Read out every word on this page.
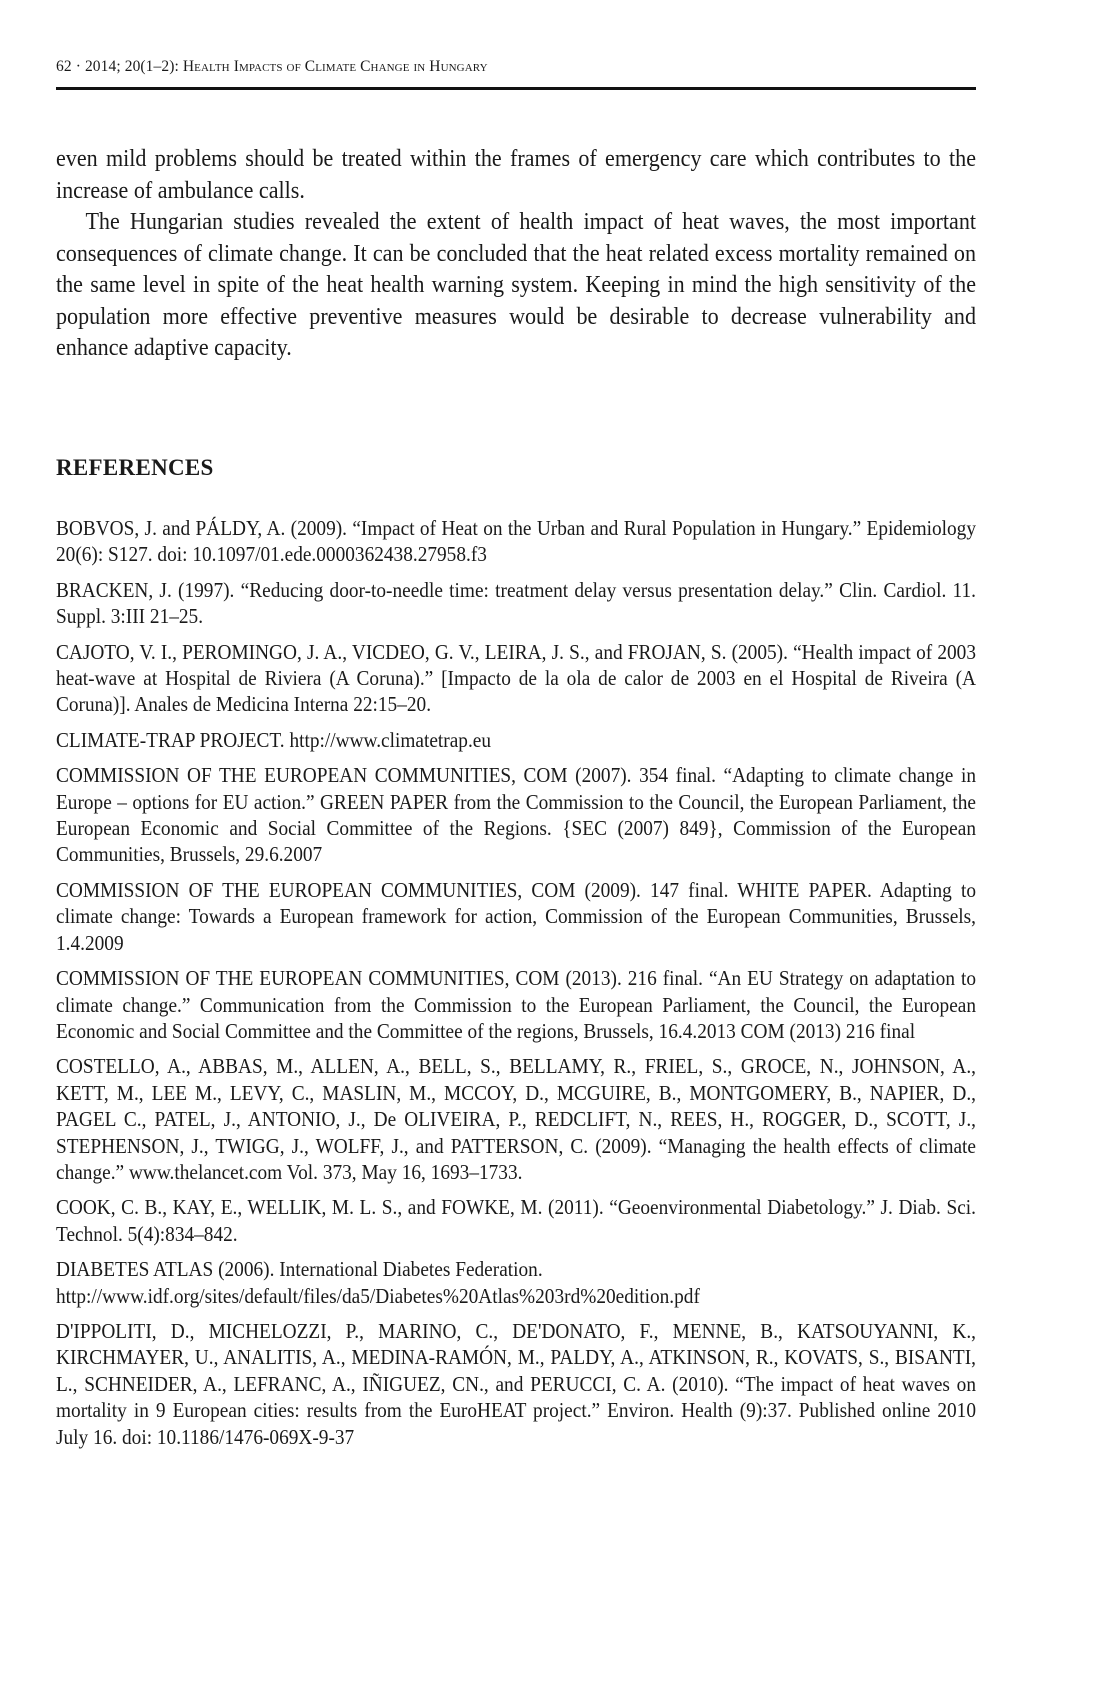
62 · 2014; 20(1–2): Health Impacts of Climate Change in Hungary

even mild problems should be treated within the frames of emergency care which contributes to the increase of ambulance calls.

The Hungarian studies revealed the extent of health impact of heat waves, the most important consequences of climate change. It can be concluded that the heat related excess mortality remained on the same level in spite of the heat health warning system. Keeping in mind the high sensitivity of the population more effective preventive measures would be desirable to decrease vulnerability and enhance adaptive capacity.

REFERENCES

BOBVOS, J. and PÁLDY, A. (2009). “Impact of Heat on the Urban and Rural Population in Hungary.” Epidemiology 20(6): S127. doi: 10.1097/01.ede.0000362438.27958.f3

BRACKEN, J. (1997). “Reducing door-to-needle time: treatment delay versus presentation delay.” Clin. Cardiol. 11. Suppl. 3:III 21–25.

CAJOTO, V. I., PEROMINGO, J. A., VICDEO, G. V., LEIRA, J. S., and FROJAN, S. (2005). “Health impact of 2003 heat-wave at Hospital de Riviera (A Coruna).” [Impacto de la ola de calor de 2003 en el Hospital de Riveira (A Coruna)]. Anales de Medicina Interna 22:15–20.

CLIMATE-TRAP PROJECT. http://www.climatetrap.eu

COMMISSION OF THE EUROPEAN COMMUNITIES, COM (2007). 354 final. “Adapting to climate change in Europe – options for EU action.” GREEN PAPER from the Commission to the Council, the European Parliament, the European Economic and Social Committee of the Regions. {SEC (2007) 849}, Commission of the European Communities, Brussels, 29.6.2007

COMMISSION OF THE EUROPEAN COMMUNITIES, COM (2009). 147 final. WHITE PAPER. Adapting to climate change: Towards a European framework for action, Commission of the European Communities, Brussels, 1.4.2009

COMMISSION OF THE EUROPEAN COMMUNITIES, COM (2013). 216 final. “An EU Strategy on adaptation to climate change.” Communication from the Commission to the European Parliament, the Council, the European Economic and Social Committee and the Committee of the regions, Brussels, 16.4.2013 COM (2013) 216 final

COSTELLO, A., ABBAS, M., ALLEN, A., BELL, S., BELLAMY, R., FRIEL, S., GROCE, N., JOHNSON, A., KETT, M., LEE M., LEVY, C., MASLIN, M., MCCOY, D., MCGUIRE, B., MONTGOMERY, B., NAPIER, D., PAGEL C., PATEL, J., ANTONIO, J., De OLIVEIRA, P., REDCLIFT, N., REES, H., ROGGER, D., SCOTT, J., STEPHENSON, J., TWIGG, J., WOLFF, J., and PATTERSON, C. (2009). “Managing the health effects of climate change.” www.thelancet.com Vol. 373, May 16, 1693–1733.

COOK, C. B., KAY, E., WELLIK, M. L. S., and FOWKE, M. (2011). “Geoenvironmental Diabetology.” J. Diab. Sci. Technol. 5(4):834–842.

DIABETES ATLAS (2006). International Diabetes Federation.
http://www.idf.org/sites/default/files/da5/Diabetes%20Atlas%203rd%20edition.pdf

D'IPPOLITI, D., MICHELOZZI, P., MARINO, C., DE'DONATO, F., MENNE, B., KATSOUYANNI, K., KIRCHMAYER, U., ANALITIS, A., MEDINA-RAMÓN, M., PALDY, A., ATKINSON, R., KOVATS, S., BISANTI, L., SCHNEIDER, A., LEFRANC, A., IÑIGUEZ, CN., and PERUCCI, C. A. (2010). “The impact of heat waves on mortality in 9 European cities: results from the EuroHEAT project.” Environ. Health (9):37. Published online 2010 July 16. doi: 10.1186/1476-069X-9-37
